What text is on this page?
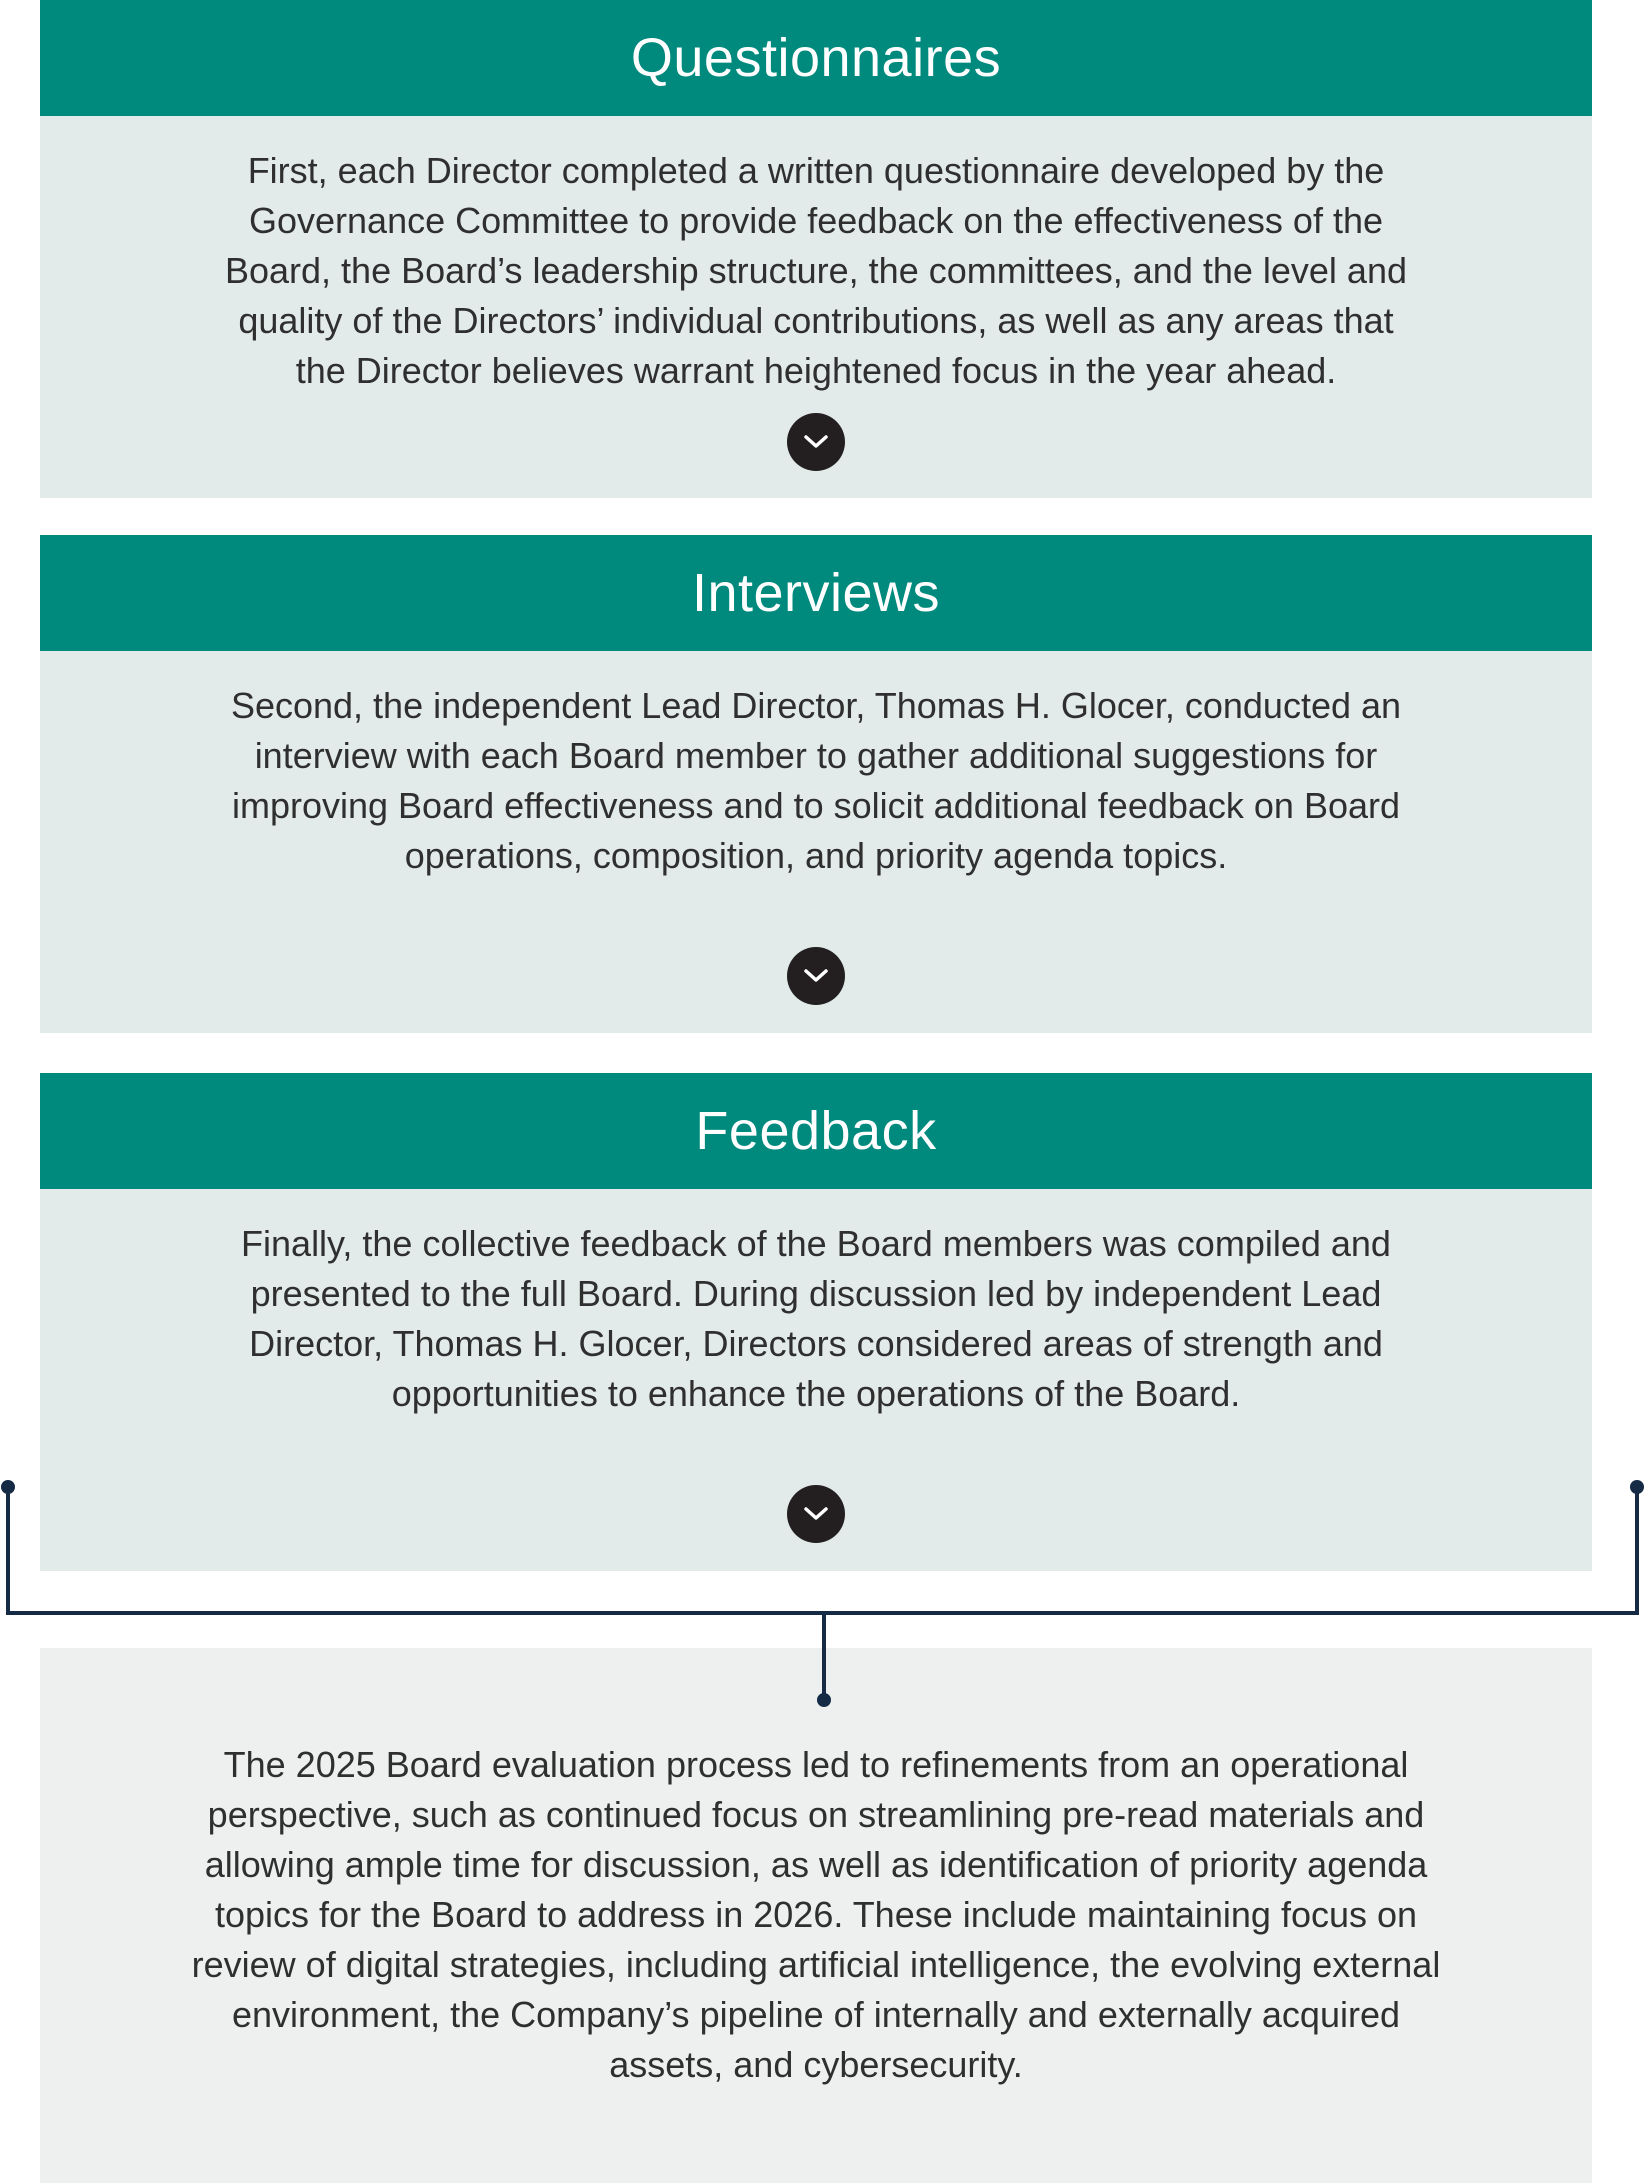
Questionnaires
First, each Director completed a written questionnaire developed by the
Governance Committee to provide feedback on the effectiveness of the
Board, the Board’s leadership structure, the committees, and the level and
quality of the Directors’ individual contributions, as well as any areas that
the Director believes warrant heightened focus in the year ahead.
Interviews
Second, the independent Lead Director, Thomas H. Glocer, conducted an
interview with each Board member to gather additional suggestions for
improving Board effectiveness and to solicit additional feedback on Board
operations, composition, and priority agenda topics.
Feedback
Finally, the collective feedback of the Board members was compiled and
presented to the full Board. During discussion led by independent Lead
Director, Thomas H. Glocer, Directors considered areas of strength and
opportunities to enhance the operations of the Board.
The 2025 Board evaluation process led to refinements from an operational
perspective, such as continued focus on streamlining pre-read materials and
allowing ample time for discussion, as well as identification of priority agenda
topics for the Board to address in 2026. These include maintaining focus on
review of digital strategies, including artificial intelligence, the evolving external
environment, the Company’s pipeline of internally and externally acquired
assets, and cybersecurity.
